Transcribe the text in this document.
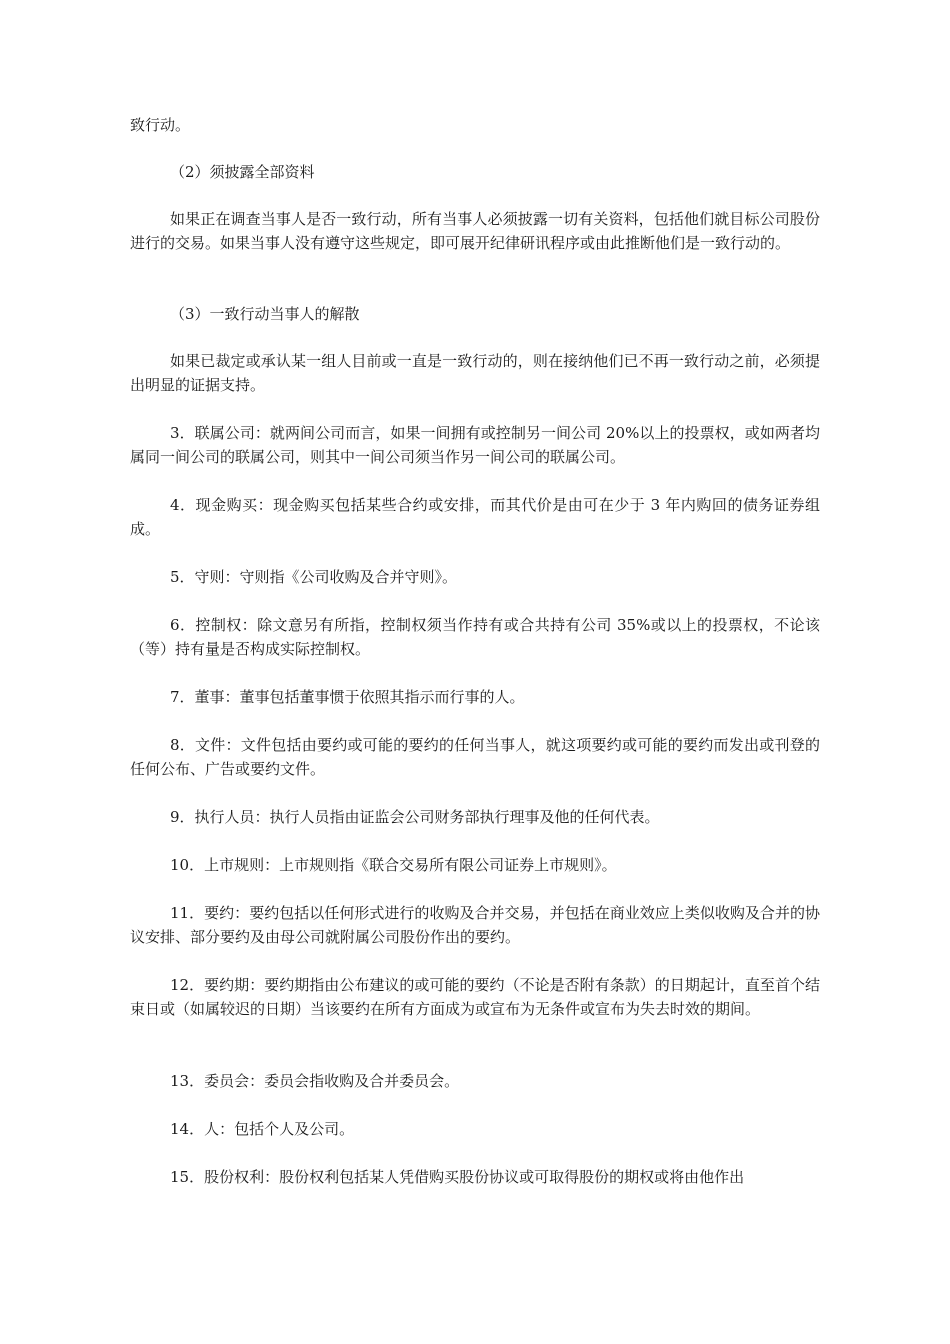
致行动。

（2）须披露全部资料

如果正在调查当事人是否一致行动，所有当事人必须披露一切有关资料，包括他们就目标公司股份进行的交易。如果当事人没有遵守这些规定，即可展开纪律研讯程序或由此推断他们是一致行动的。

（3）一致行动当事人的解散

如果已裁定或承认某一组人目前或一直是一致行动的，则在接纳他们已不再一致行动之前，必须提出明显的证据支持。

3．联属公司：就两间公司而言，如果一间拥有或控制另一间公司 20%以上的投票权，或如两者均属同一间公司的联属公司，则其中一间公司须当作另一间公司的联属公司。

4．现金购买：现金购买包括某些合约或安排，而其代价是由可在少于 3 年内购回的债务证券组成。

5．守则：守则指《公司收购及合并守则》。

6．控制权：除文意另有所指，控制权须当作持有或合共持有公司 35%或以上的投票权，不论该（等）持有量是否构成实际控制权。

7．董事：董事包括董事惯于依照其指示而行事的人。

8．文件：文件包括由要约或可能的要约的任何当事人，就这项要约或可能的要约而发出或刊登的任何公布、广告或要约文件。

9．执行人员：执行人员指由证监会公司财务部执行理事及他的任何代表。

10．上市规则：上市规则指《联合交易所有限公司证券上市规则》。

11．要约：要约包括以任何形式进行的收购及合并交易，并包括在商业效应上类似收购及合并的协议安排、部分要约及由母公司就附属公司股份作出的要约。

12．要约期：要约期指由公布建议的或可能的要约（不论是否附有条款）的日期起计，直至首个结束日或（如属较迟的日期）当该要约在所有方面成为或宣布为无条件或宣布为失去时效的期间。

13．委员会：委员会指收购及合并委员会。

14．人：包括个人及公司。

15．股份权利：股份权利包括某人凭借购买股份协议或可取得股份的期权或将由他作出
